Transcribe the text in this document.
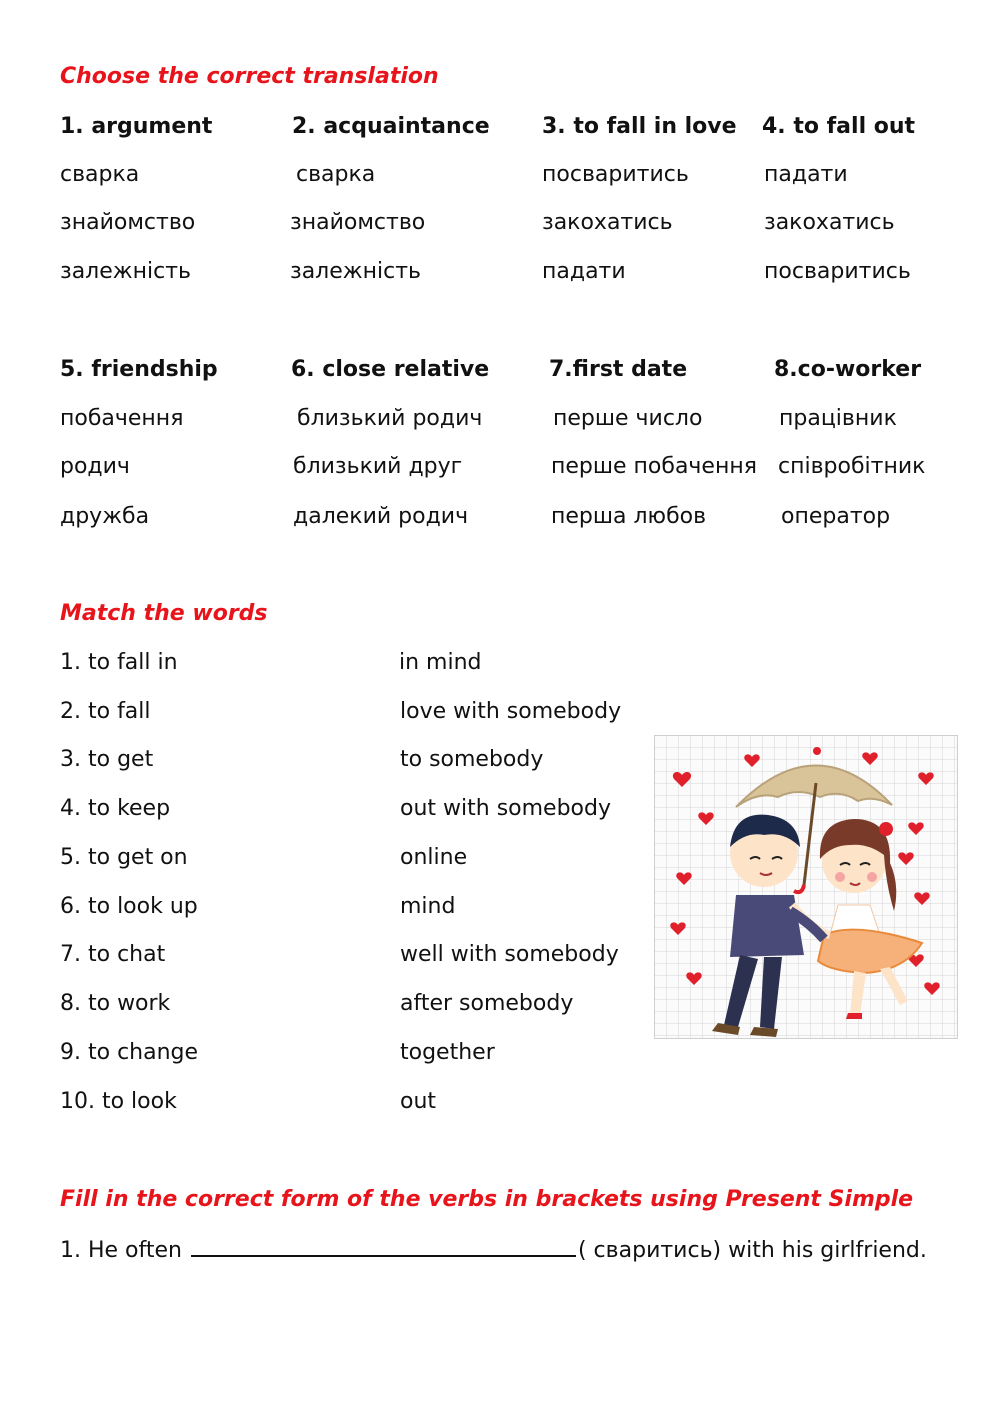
Choose the correct translation
1. argument
сварка
знайомство
залежність
2. acquaintance
сварка
знайомство
залежність
3. to fall in love
посваритись
закохатись
падати
4. to fall out
падати
закохатись
посваритись
5. friendship
побачення
родич
дружба
6. close relative
близький родич
близький друг
далекий родич
7.first date
перше число
перше побачення
перша любов
8.co-worker
працівник
співробітник
оператор
Match the words
1. to fall in
2. to fall
3. to get
4. to keep
5. to get on
6. to look up
7. to chat
8. to work
9. to change
10. to look
in mind
love with somebody
to somebody
out with somebody
online
mind
well with somebody
after somebody
together
out
Fill in the correct form of the verbs in brackets using Present Simple
1. He often	( сваритись) with his girlfriend.
